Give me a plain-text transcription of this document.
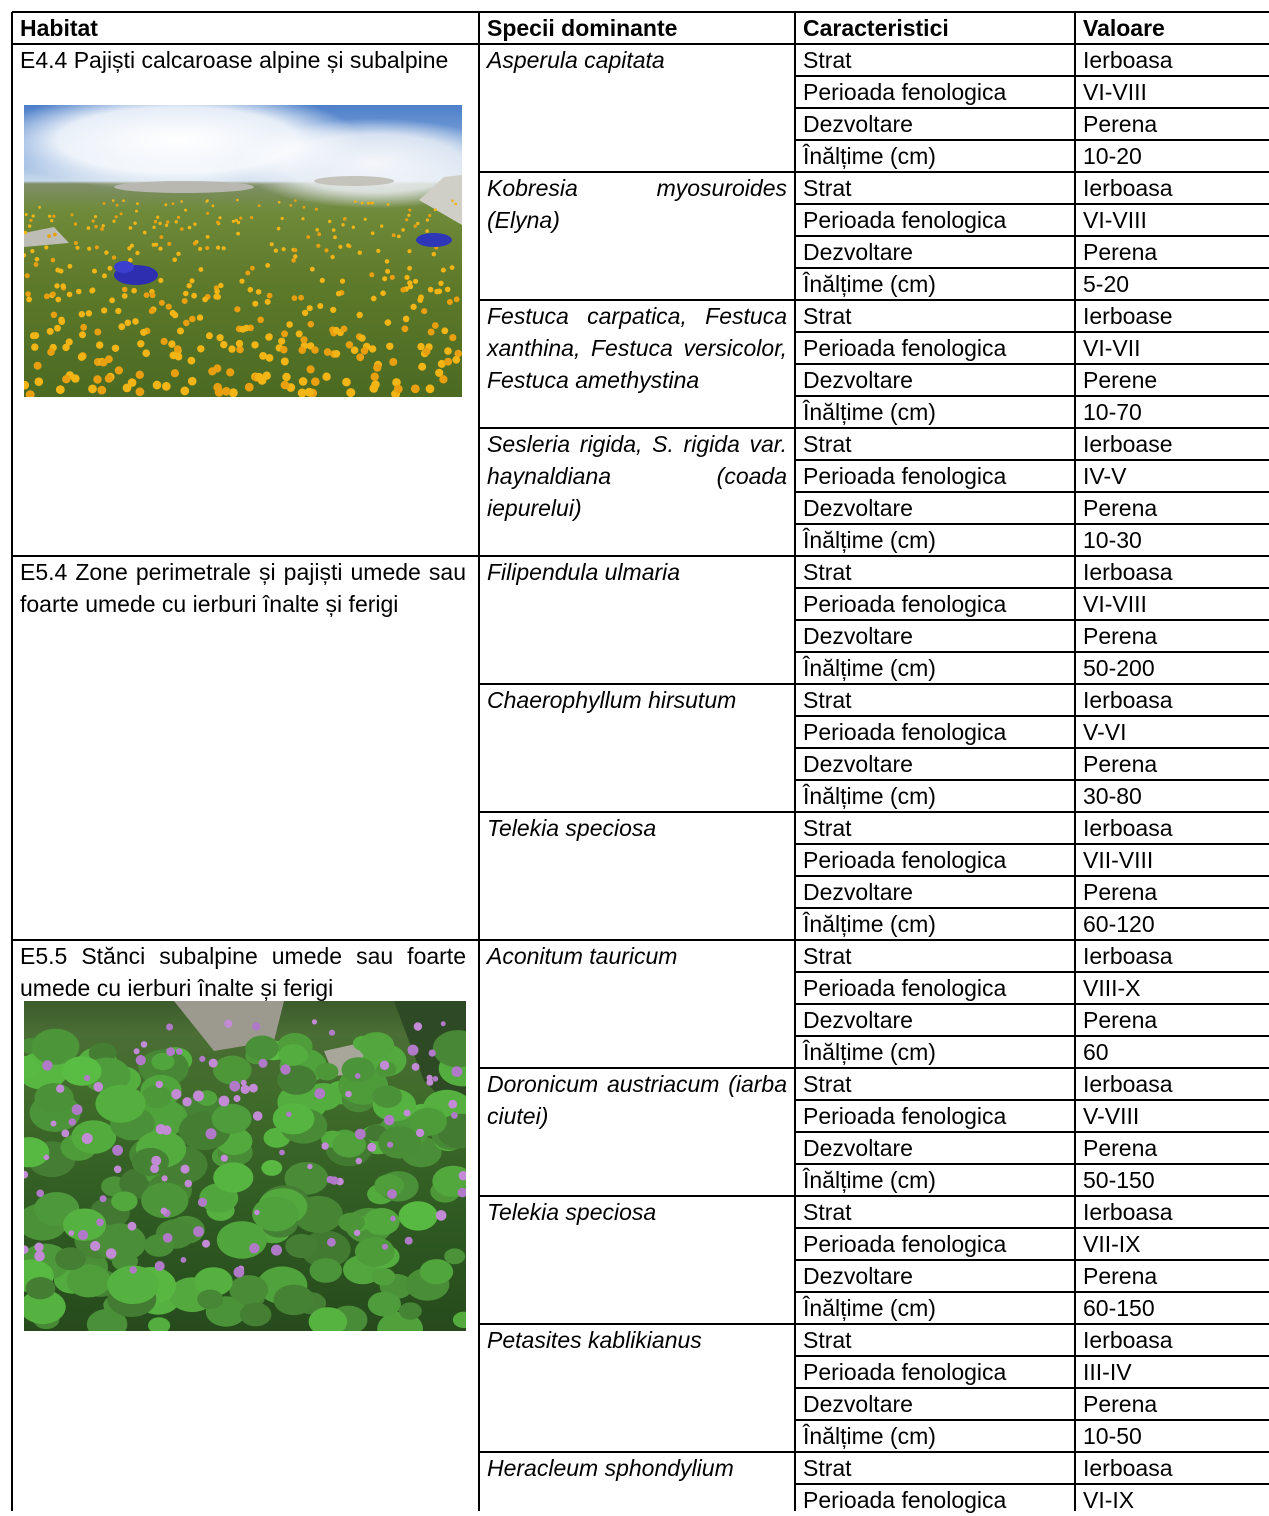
Habitat	Specii dominante	Caracteristici	Valoare
E4.4 Pajiști calcaroase alpine și subalpine	Asperula capitata	Strat	Ierboasa
Perioada fenologica	VI-VIII
Dezvoltare	Perena
Înălțime (cm)	10-20
Kobresia myosuroides (Elyna)
Strat	Ierboasa
Perioada fenologica	VI-VIII
Dezvoltare	Perena
Înălțime (cm)	5-20
Festuca carpatica, Festuca xanthina, Festuca versicolor, Festuca amethystina
Strat	Ierboase
Perioada fenologica	VI-VII
Dezvoltare	Perene
Înălțime (cm)	10-70
Sesleria rigida, S. rigida var. haynaldiana (coada iepurelui)
Strat	Ierboase
Perioada fenologica	IV-V
Dezvoltare	Perena
Înălțime (cm)	10-30
E5.4 Zone perimetrale și pajiști umede sau foarte umede cu ierburi înalte și ferigi
Filipendula ulmaria	Strat	Ierboasa
Perioada fenologica	VI-VIII
Dezvoltare	Perena
Înălțime (cm)	50-200
Chaerophyllum hirsutum	Strat	Ierboasa
Perioada fenologica	V-VI
Dezvoltare	Perena
Înălțime (cm)	30-80
Telekia speciosa	Strat	Ierboasa
Perioada fenologica	VII-VIII
Dezvoltare	Perena
Înălțime (cm)	60-120
E5.5 Stănci subalpine umede sau foarte umede cu ierburi înalte și ferigi
Aconitum tauricum	Strat	Ierboasa
Perioada fenologica	VIII-X
Dezvoltare	Perena
Înălțime (cm)	60
Doronicum austriacum (iarba ciutei)
Strat	Ierboasa
Perioada fenologica	V-VIII
Dezvoltare	Perena
Înălțime (cm)	50-150
Telekia speciosa	Strat	Ierboasa
Perioada fenologica	VII-IX
Dezvoltare	Perena
Înălțime (cm)	60-150
Petasites kablikianus	Strat	Ierboasa
Perioada fenologica	III-IV
Dezvoltare	Perena
Înălțime (cm)	10-50
Heracleum sphondylium	Strat	Ierboasa
Perioada fenologica	VI-IX
